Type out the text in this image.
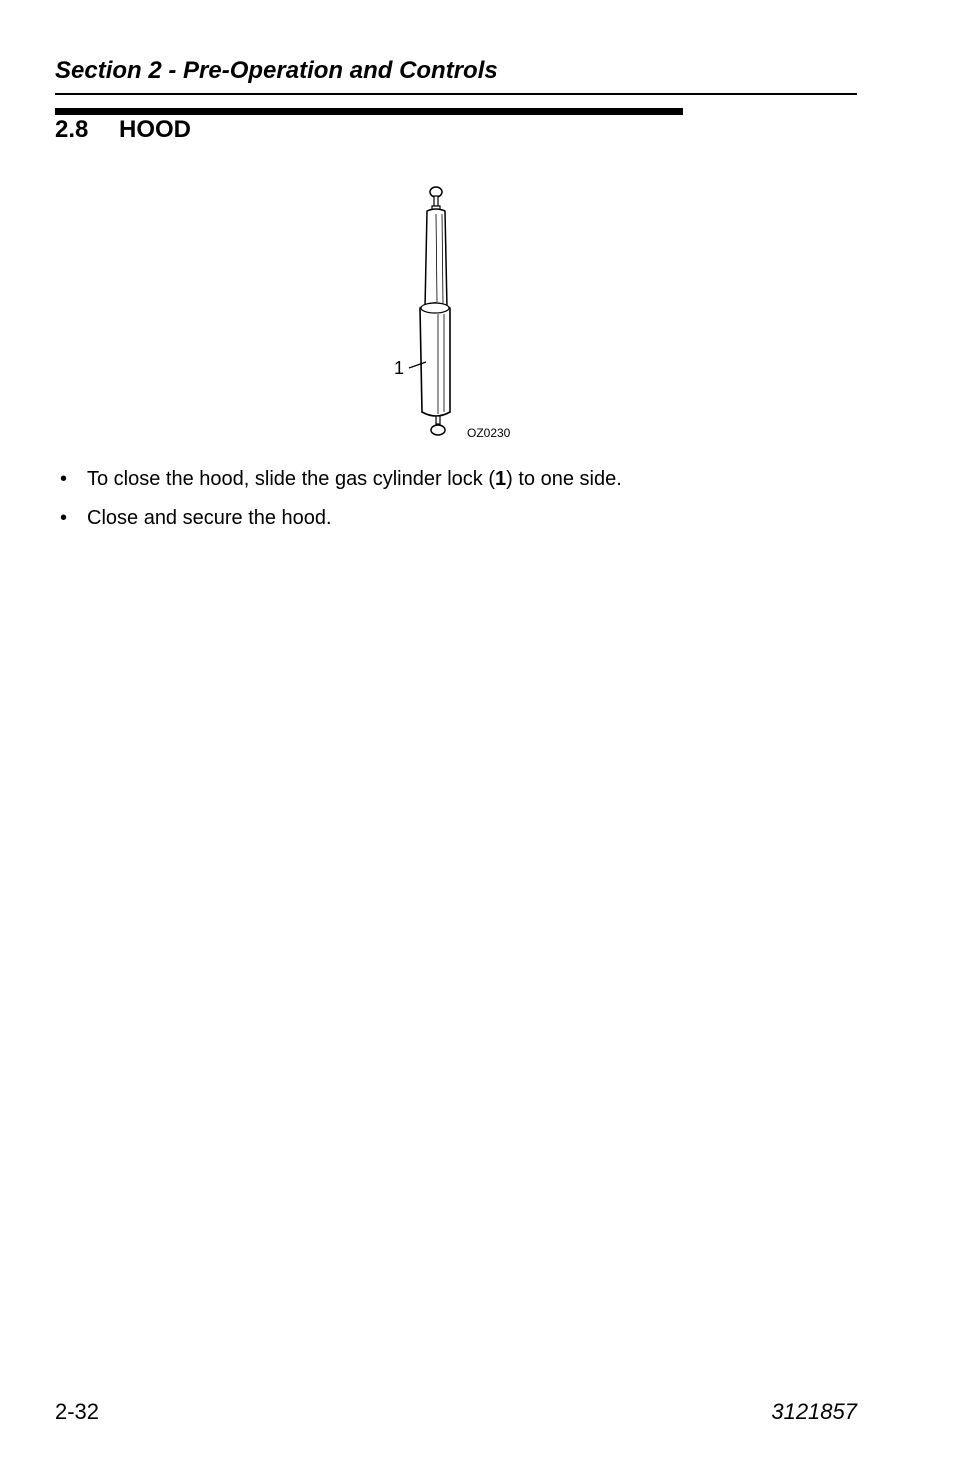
Section 2 - Pre-Operation and Controls
2.8 HOOD
1
OZ0230
• To close the hood, slide the gas cylinder lock (1) to one side.
• Close and secure the hood.
2-32	3121857
